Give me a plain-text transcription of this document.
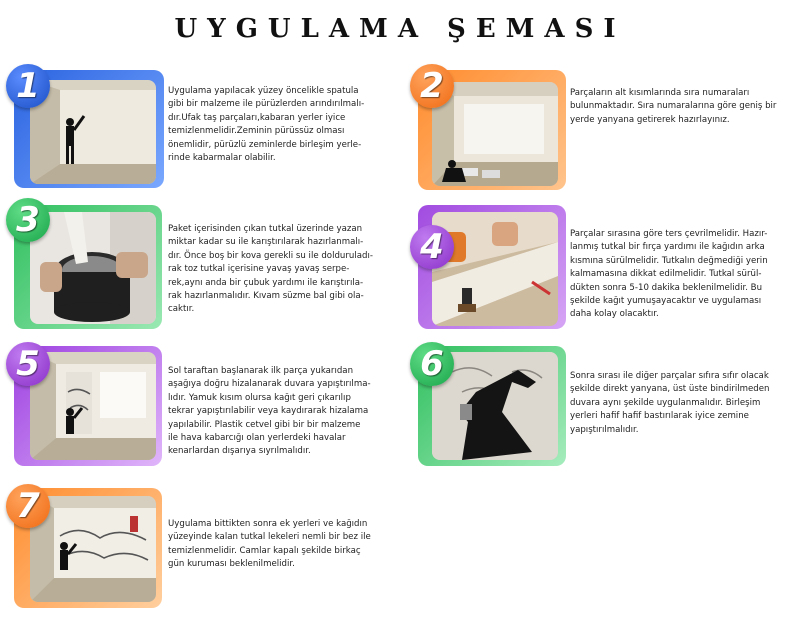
UYGULAMA ŞEMASI
1	Uygulama yapılacak yüzey öncelikle spatula
gibi bir malzeme ile pürüzlerden arındırılmalı-
dır.Ufak taş parçaları,kabaran yerler iyice
temizlenmelidir.Zeminin pürüssüz olması
önemlidir, pürüzlü zeminlerde birleşim yerle-
rinde kabarmalar olabilir.
2	Parçaların alt kısımlarında sıra numaraları
bulunmaktadır. Sıra numaralarına göre geniş bir
yerde yanyana getirerek hazırlayınız.
3	Paket içerisinden çıkan tutkal üzerinde yazan
miktar kadar su ile karıştırılarak hazırlanmalı-
dır. Önce boş bir kova gerekli su ile dolduruladı-
rak toz tutkal içerisine yavaş yavaş serpe-
rek,aynı anda bir çubuk yardımı ile karıştırıla-
rak hazırlanmalıdır. Kıvam süzme bal gibi ola-
caktır.
4	Parçalar sırasına göre ters çevrilmelidir. Hazır-
lanmış tutkal bir fırça yardımı ile kağıdın arka
kısmına sürülmelidir. Tutkalın değmediği yerin
kalmamasına dikkat edilmelidir. Tutkal sürül-
dükten sonra 5-10 dakika beklenilmelidir. Bu
şekilde kağıt yumuşayacaktır ve uygulaması
daha kolay olacaktır.
5	Sol taraftan başlanarak ilk parça yukarıdan
aşağıya doğru hizalanarak duvara yapıştırılma-
lıdır. Yamuk kısım olursa kağıt geri çıkarılıp
tekrar yapıştırılabilir veya kaydırarak hizalama
yapılabilir. Plastik cetvel gibi bir bir malzeme
ile hava kabarcığı olan yerlerdeki havalar
kenarlardan dışarıya sıyrılmalıdır.
6	Sonra sırası ile diğer parçalar sıfıra sıfır olacak
şekilde direkt yanyana, üst üste bindirilmeden
duvara aynı şekilde uygulanmalıdır. Birleşim
yerleri hafif hafif bastırılarak iyice zemine
yapıştırılmalıdır.
7	Uygulama bittikten sonra ek yerleri ve kağıdın
yüzeyinde kalan tutkal lekeleri nemli bir bez ile
temizlenmelidir. Camlar kapalı şekilde birkaç
gün kuruması beklenilmelidir.
